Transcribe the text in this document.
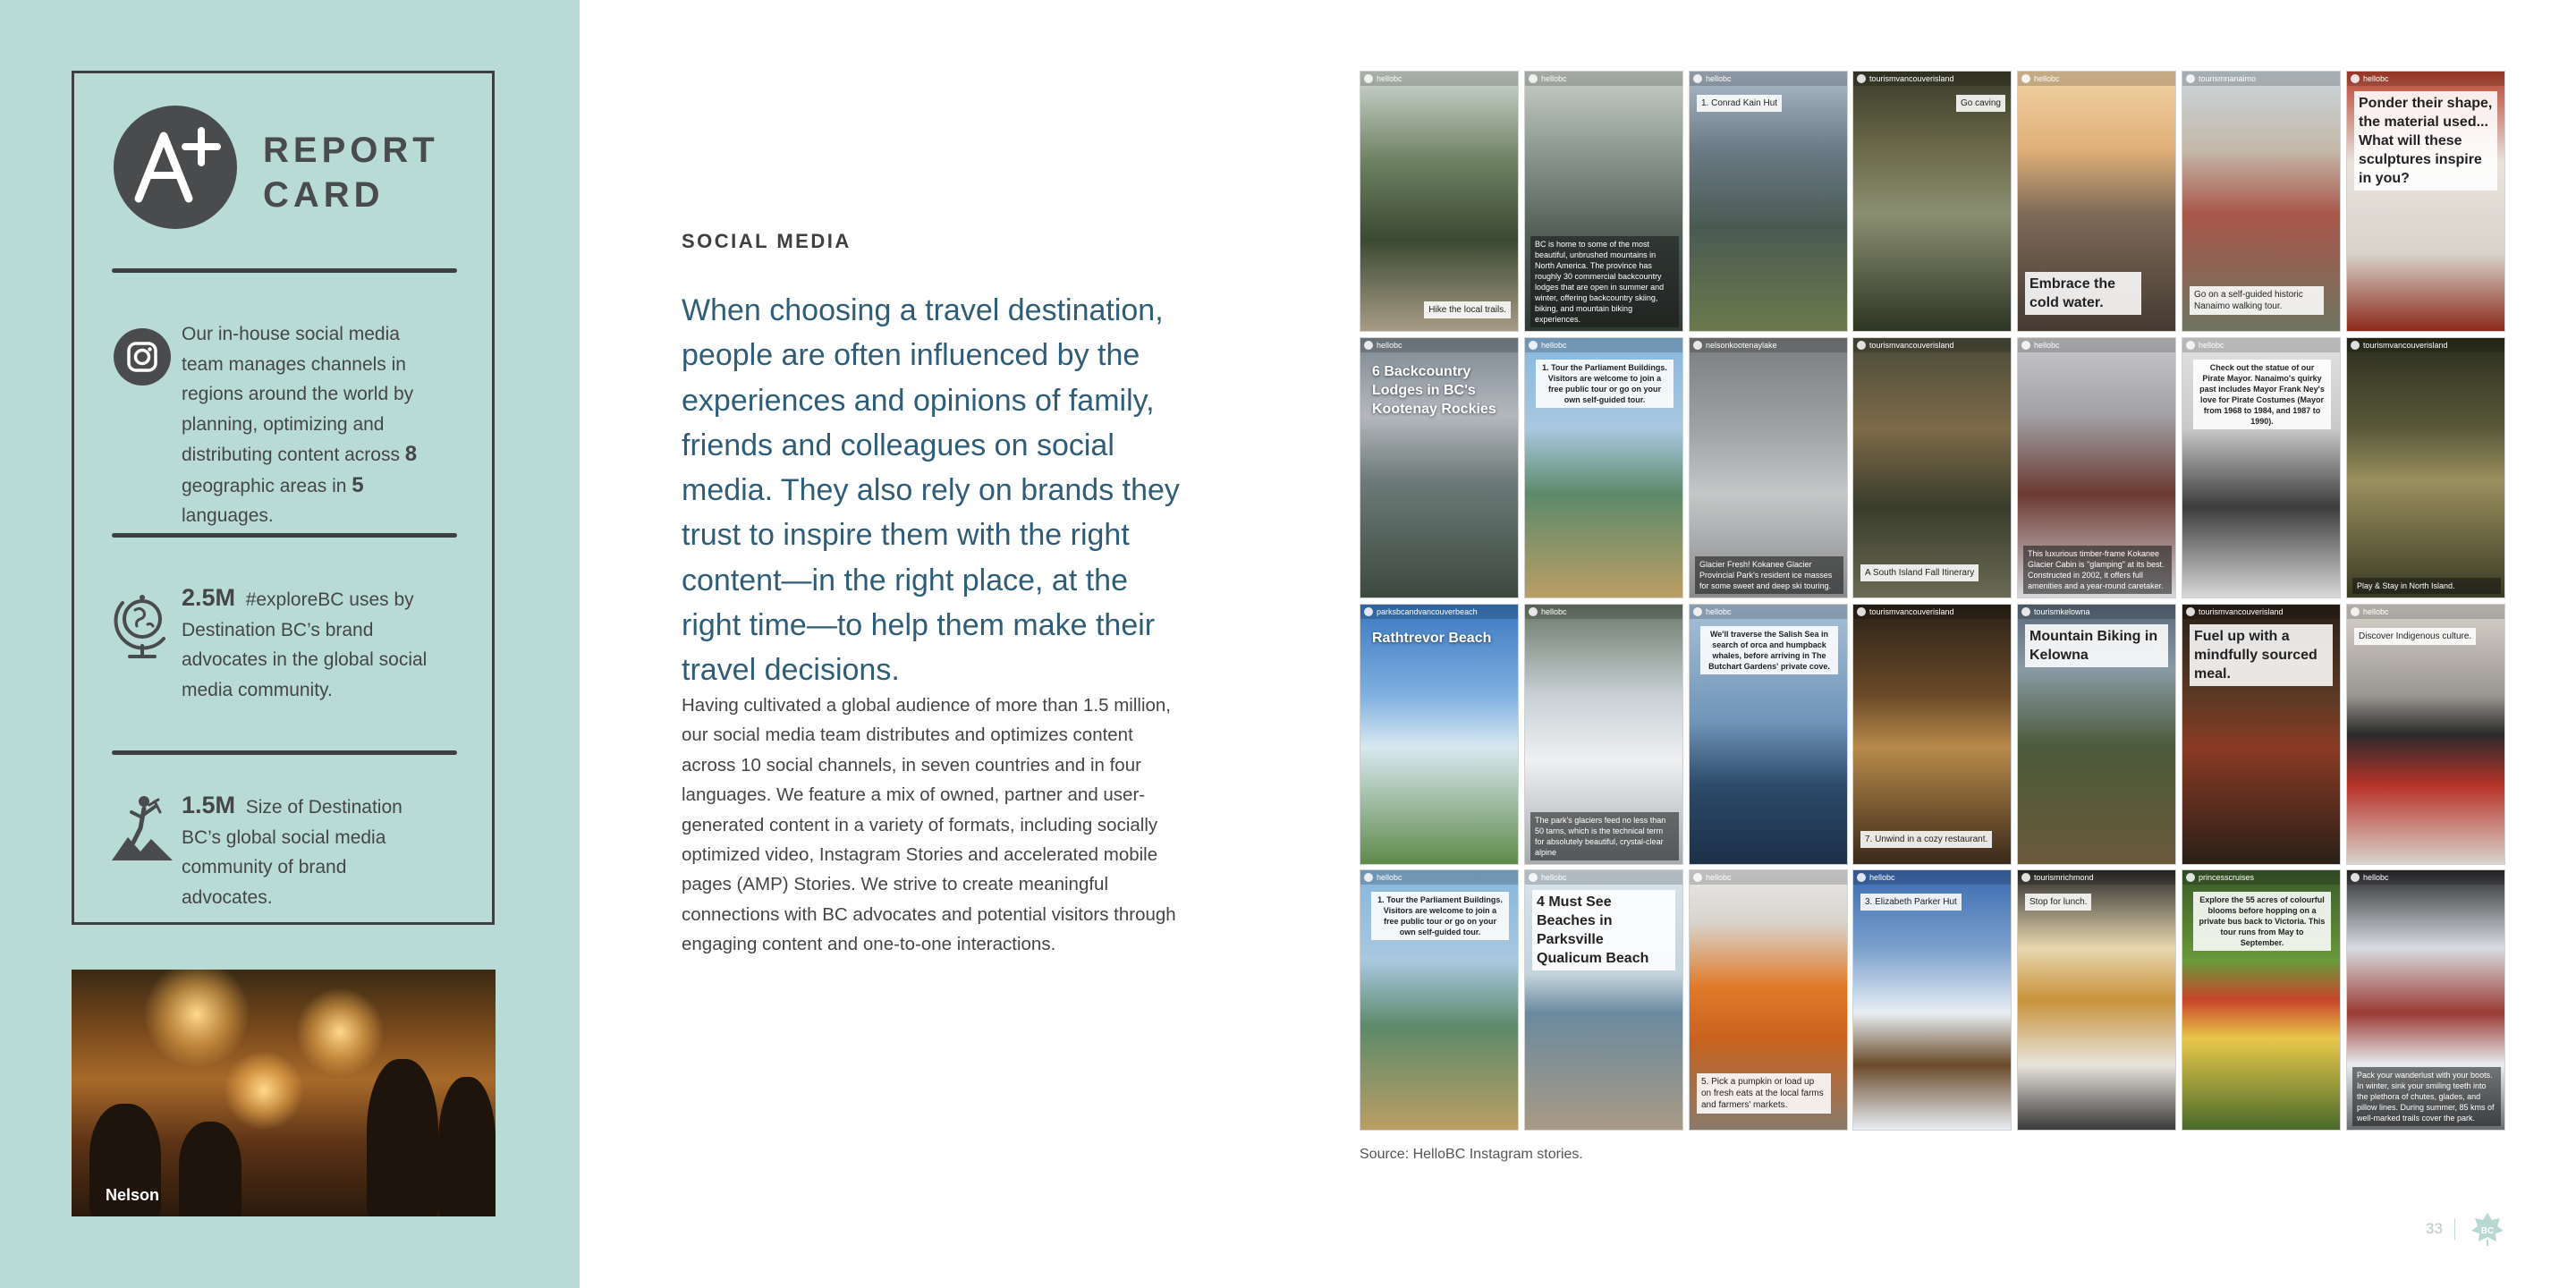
REPORT
CARD
Our in-house social media team manages channels in regions around the world by planning, optimizing and distributing content across 8 geographic areas in 5 languages.
2.5M #exploreBC uses by Destination BC’s brand advocates in the global social media community.
1.5M Size of Destination BC’s global social media community of brand advocates.
Nelson
SOCIAL MEDIA
When choosing a travel destination, people are often influenced by the experiences and opinions of family, friends and colleagues on social media. They also rely on brands they trust to inspire them with the right content—in the right place, at the right time—to help them make their travel decisions.
Having cultivated a global audience of more than 1.5 million, our social media team distributes and optimizes content across 10 social channels, in seven countries and in four languages. We feature a mix of owned, partner and user-generated content in a variety of formats, including socially optimized video, Instagram Stories and accelerated mobile pages (AMP) Stories. We strive to create meaningful connections with BC advocates and potential visitors through engaging content and one-to-one interactions.
hellobc
Hike the local trails.
hellobc
BC is home to some of the most beautiful, unbrushed mountains in North America. The province has roughly 30 commercial backcountry lodges that are open in summer and winter, offering backcountry skiing, biking, and mountain biking experiences.
hellobc
1. Conrad Kain Hut
tourismvancouverisland
Go caving
hellobc
Embrace the cold water.
tourismnanaimo
Go on a self-guided historic Nanaimo walking tour.
hellobc
Ponder their shape, the material used... What will these sculptures inspire in you?
hellobc
6 Backcountry Lodges in BC's Kootenay Rockies
hellobc
1. Tour the Parliament Buildings. Visitors are welcome to join a free public tour or go on your own self-guided tour.
nelsonkootenaylake
Glacier Fresh! Kokanee Glacier Provincial Park's resident ice masses for some sweet and deep ski touring.
tourismvancouverisland
A South Island Fall Itinerary
hellobc
This luxurious timber-frame Kokanee Glacier Cabin is "glamping" at its best. Constructed in 2002, it offers full amenities and a year-round caretaker.
hellobc
Check out the statue of our Pirate Mayor. Nanaimo's quirky past includes Mayor Frank Ney's love for Pirate Costumes (Mayor from 1968 to 1984, and 1987 to 1990).
tourismvancouverisland
Play & Stay in North Island.
parksbcandvancouverbeach
Rathtrevor Beach
hellobc
The park's glaciers feed no less than 50 tarns, which is the technical term for absolutely beautiful, crystal-clear alpine
hellobc
We'll traverse the Salish Sea in search of orca and humpback whales, before arriving in The Butchart Gardens' private cove.
tourismvancouverisland
7. Unwind in a cozy restaurant.
tourismkelowna
Mountain Biking in Kelowna
tourismvancouverisland
Fuel up with a mindfully sourced meal.
hellobc
Discover Indigenous culture.
hellobc
1. Tour the Parliament Buildings. Visitors are welcome to join a free public tour or go on your own self-guided tour.
hellobc
4 Must See Beaches in Parksville Qualicum Beach
hellobc
5. Pick a pumpkin or load up on fresh eats at the local farms and farmers' markets.
hellobc
3. Elizabeth Parker Hut
tourismrichmond
Stop for lunch.
princesscruises
Explore the 55 acres of colourful blooms before hopping on a private bus back to Victoria. This tour runs from May to September.
hellobc
Pack your wanderlust with your boots. In winter, sink your smiling teeth into the plethora of chutes, glades, and pillow lines. During summer, 85 kms of well-marked trails cover the park.
Source: HelloBC Instagram stories.
33	BC
